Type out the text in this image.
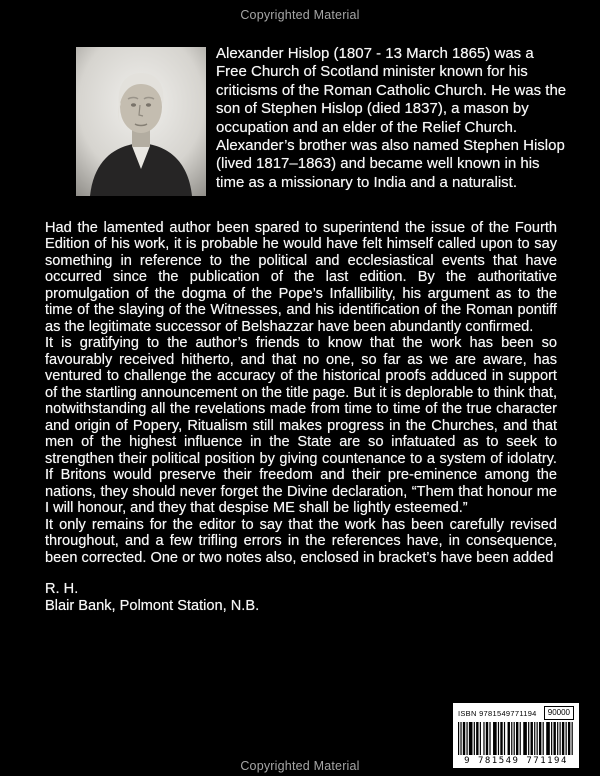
Copyrighted Material
Alexander Hislop (1807 - 13 March 1865) was a Free Church of Scotland minister known for his criticisms of the Roman Catholic Church. He was the son of Stephen Hislop (died 1837), a mason by occupation and an elder of the Relief Church. Alexander’s brother was also named Stephen Hislop (lived 1817–1863) and became well known in his time as a missionary to India and a naturalist.

Had the lamented author been spared to superintend the issue of the Fourth Edition of his work, it is probable he would have felt himself called upon to say something in reference to the political and ecclesiastical events that have occurred since the publication of the last edition. By the authoritative promulgation of the dogma of the Pope’s Infallibility, his argument as to the time of the slaying of the Witnesses, and his identification of the Roman pontiff as the legitimate successor of Belshazzar have been abundantly confirmed.

It is gratifying to the author’s friends to know that the work has been so favourably received hitherto, and that no one, so far as we are aware, has ventured to challenge the accuracy of the historical proofs adduced in support of the startling announcement on the title page. But it is deplorable to think that, notwithstanding all the revelations made from time to time of the true character and origin of Popery, Ritualism still makes progress in the Churches, and that men of the highest influence in the State are so infatuated as to seek to strengthen their political position by giving countenance to a system of idolatry. If Britons would preserve their freedom and their pre-eminence among the nations, they should never forget the Divine declaration, “Them that honour me I will honour, and they that despise ME shall be lightly esteemed.”

It only remains for the editor to say that the work has been carefully revised throughout, and a few trifling errors in the references have, in consequence, been corrected. One or two notes also, enclosed in bracket’s have been added

R. H.

Blair Bank, Polmont Station, N.B.

ISBN 9781549771194	90000
9 781549 771194
Copyrighted Material
